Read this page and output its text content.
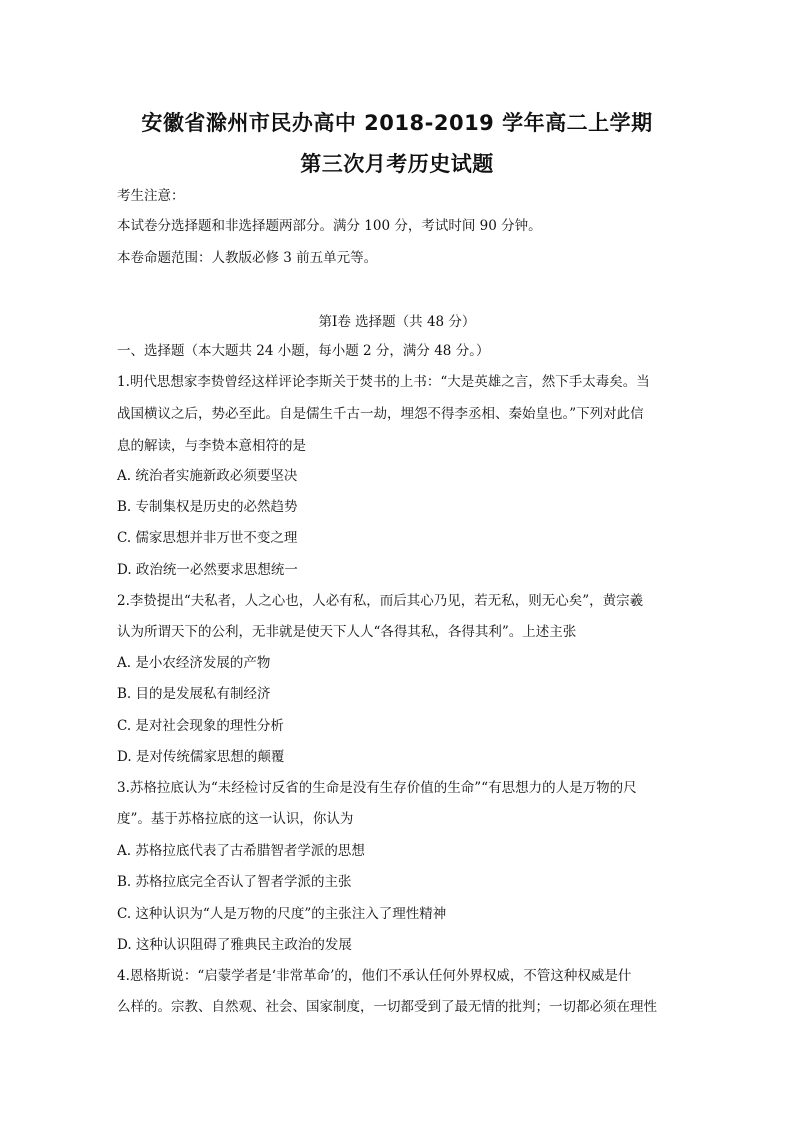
安徽省滁州市民办高中 2018-2019 学年高二上学期
第三次月考历史试题
考生注意：
本试卷分选择题和非选择题两部分。满分 100 分，考试时间 90 分钟。
本卷命题范围：人教版必修 3 前五单元等。
第Ⅰ卷 选择题（共 48 分）
一、选择题（本大题共 24 小题，每小题 2 分，满分 48 分。）
1.明代思想家李贽曾经这样评论李斯关于焚书的上书：“大是英雄之言，然下手太毒矣。当
战国横议之后，势必至此。自是儒生千古一劫，埋怨不得李丞相、秦始皇也。”下列对此信
息的解读，与李贽本意相符的是
A. 统治者实施新政必须要坚决
B. 专制集权是历史的必然趋势
C. 儒家思想并非万世不变之理
D. 政治统一必然要求思想统一
2.李贽提出“夫私者，人之心也，人必有私，而后其心乃见，若无私，则无心矣”，黄宗羲
认为所谓天下的公利，无非就是使天下人人“各得其私，各得其利”。上述主张
A. 是小农经济发展的产物
B. 目的是发展私有制经济
C. 是对社会现象的理性分析
D. 是对传统儒家思想的颠覆
3.苏格拉底认为“未经检讨反省的生命是没有生存价值的生命”“有思想力的人是万物的尺
度”。基于苏格拉底的这一认识，你认为
A. 苏格拉底代表了古希腊智者学派的思想
B. 苏格拉底完全否认了智者学派的主张
C. 这种认识为“人是万物的尺度”的主张注入了理性精神
D. 这种认识阻碍了雅典民主政治的发展
4.恩格斯说：“启蒙学者是‘非常革命’的，他们不承认任何外界权威，不管这种权威是什
么样的。宗教、自然观、社会、国家制度，一切都受到了最无情的批判；一切都必须在理性
